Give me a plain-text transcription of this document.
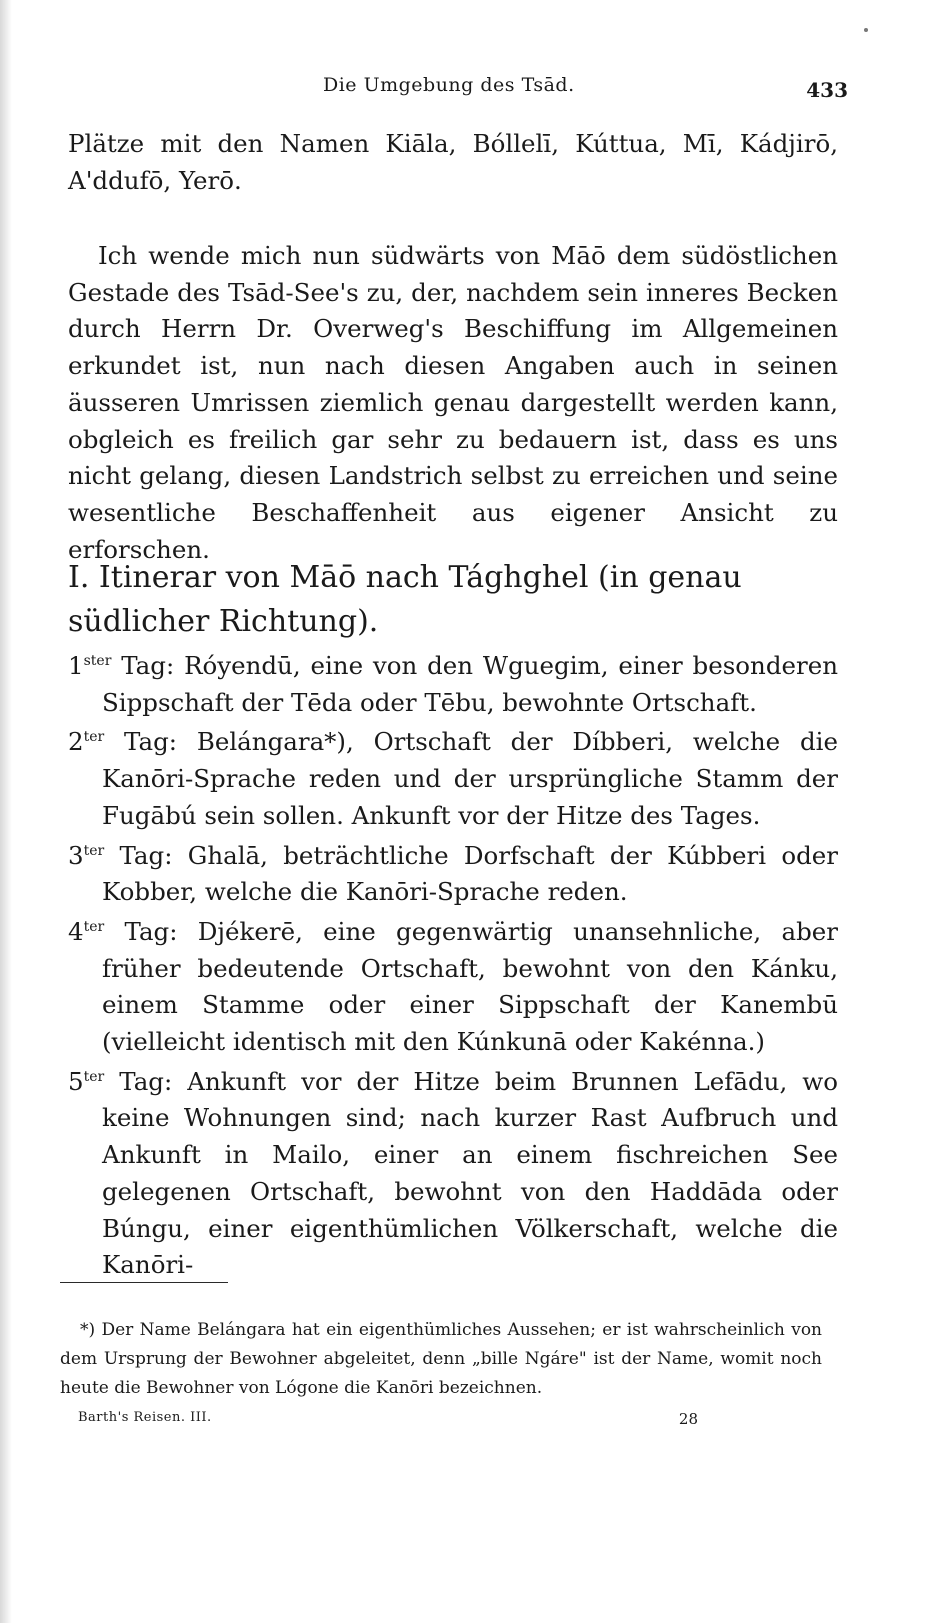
Die Umgebung des Tsād.	433

Plätze mit den Namen Kiāla, Bóllelī, Kúttua, Mī, Kádjirō, A'ddufō, Yerō.

Ich wende mich nun südwärts von Māō dem südöstlichen Gestade des Tsād-See's zu, der, nachdem sein inneres Becken durch Herrn Dr. Overweg's Beschiffung im Allgemeinen erkundet ist, nun nach diesen Angaben auch in seinen äusseren Umrissen ziemlich genau dargestellt werden kann, obgleich es freilich gar sehr zu bedauern ist, dass es uns nicht gelang, diesen Landstrich selbst zu erreichen und seine wesentliche Beschaffenheit aus eigener Ansicht zu erforschen.

I. Itinerar von Māō nach Tághghel (in genau südlicher Richtung).
$1^{ster}$ Tag: Róyendū, eine von den Wguegim, einer besonderen Sippschaft der Tēda oder Tēbu, bewohnte Ortschaft.
$2^{ter}$ Tag: Belángara*), Ortschaft der Díbberi, welche die Kanōri-Sprache reden und der ursprüngliche Stamm der Fugābú sein sollen. Ankunft vor der Hitze des Tages.
$3^{ter}$ Tag: Ghalā, beträchtliche Dorfschaft der Kúbberi oder Kobber, welche die Kanōri-Sprache reden.
$4^{ter}$ Tag: Djékerē, eine gegenwärtig unansehnliche, aber früher bedeutende Ortschaft, bewohnt von den Kánku, einem Stamme oder einer Sippschaft der Kanembū (vielleicht identisch mit den Kúnkunā oder Kakénna.)
$5^{ter}$ Tag: Ankunft vor der Hitze beim Brunnen Lefādu, wo keine Wohnungen sind; nach kurzer Rast Aufbruch und Ankunft in Mailo, einer an einem fischreichen See gelegenen Ortschaft, bewohnt von den Haddāda oder Búngu, einer eigenthümlichen Völkerschaft, welche die Kanōri-

*) Der Name Belángara hat ein eigenthümliches Aussehen; er ist wahrscheinlich von dem Ursprung der Bewohner abgeleitet, denn „bille Ngáre" ist der Name, womit noch heute die Bewohner von Lógone die Kanōri bezeichnen.

Barth's Reisen. III.	28
